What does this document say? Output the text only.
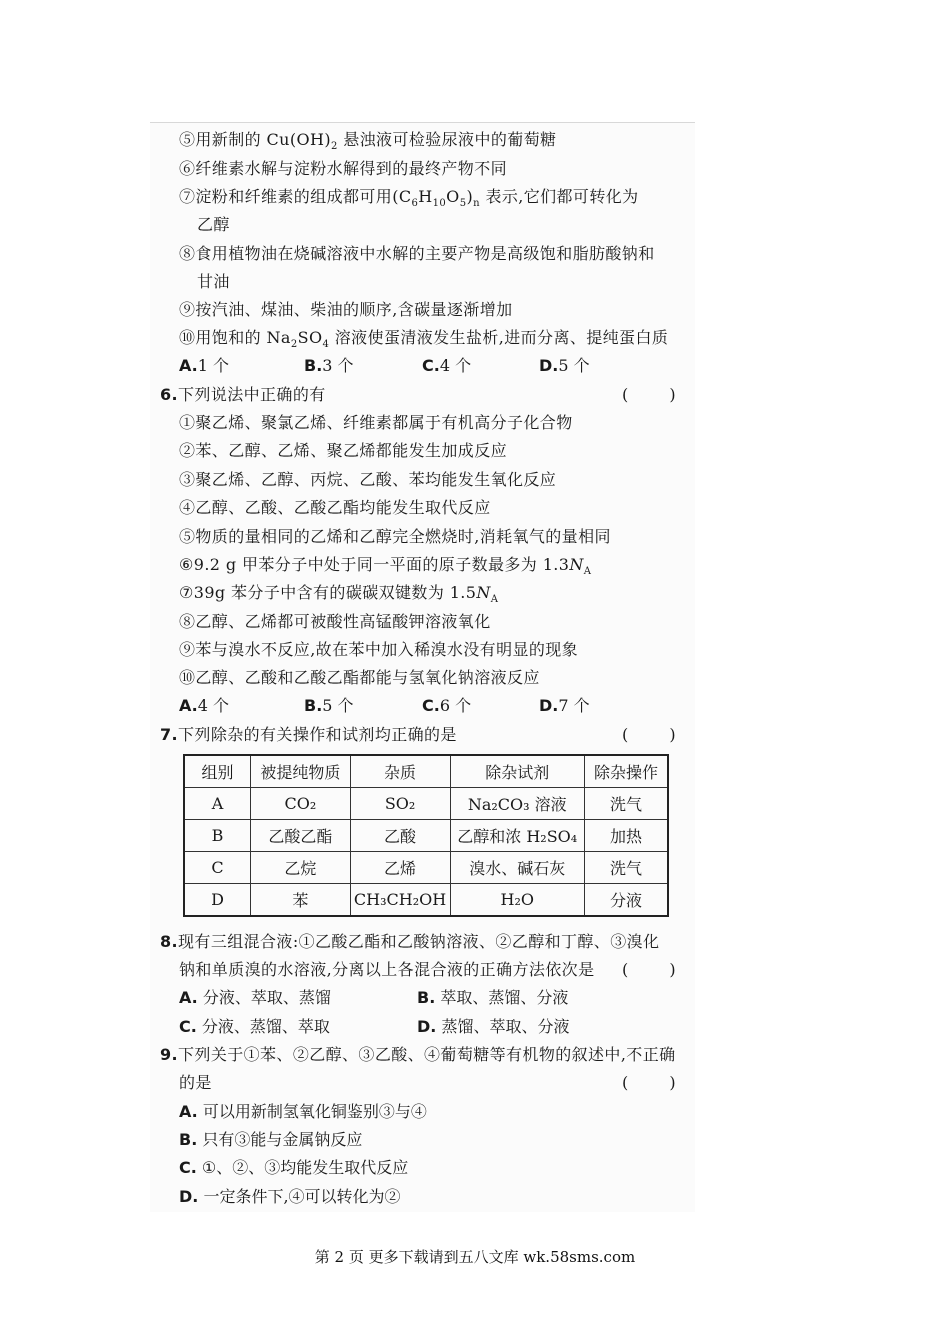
⑤用新制的 $Cu(OH)_2$ 悬浊液可检验尿液中的葡萄糖
⑥纤维素水解与淀粉水解得到的最终产物不同
⑦淀粉和纤维素的组成都可用$(C_6H_{10}O_5)_n$ 表示,它们都可转化为
乙醇
⑧食用植物油在烧碱溶液中水解的主要产物是高级饱和脂肪酸钠和
甘油
⑨按汽油、煤油、柴油的顺序,含碳量逐渐增加
⑩用饱和的 $Na_2SO_4$ 溶液使蛋清液发生盐析,进而分离、提纯蛋白质
A.1 个	B.3 个	C.4 个	D.5 个
6.下列说法中正确的有	( )
①聚乙烯、聚氯乙烯、纤维素都属于有机高分子化合物
②苯、乙醇、乙烯、聚乙烯都能发生加成反应
③聚乙烯、乙醇、丙烷、乙酸、苯均能发生氧化反应
④乙醇、乙酸、乙酸乙酯均能发生取代反应
⑤物质的量相同的乙烯和乙醇完全燃烧时,消耗氧气的量相同
⑥9.2 g 甲苯分子中处于同一平面的原子数最多为 $1.3N_A$
⑦39g 苯分子中含有的碳碳双键数为 $1.5N_A$
⑧乙醇、乙烯都可被酸性高锰酸钾溶液氧化
⑨苯与溴水不反应,故在苯中加入稀溴水没有明显的现象
⑩乙醇、乙酸和乙酸乙酯都能与氢氧化钠溶液反应
A.4 个	B.5 个	C.6 个	D.7 个
7.下列除杂的有关操作和试剂均正确的是	( )
组别	被提纯物质	杂质	除杂试剂	除杂操作
A	CO₂	SO₂	Na₂CO₃ 溶液	洗气
B	乙酸乙酯	乙酸	乙醇和浓 H₂SO₄	加热
C	乙烷	乙烯	溴水、碱石灰	洗气
D	苯	CH₃CH₂OH	H₂O	分液
8.现有三组混合液:①乙酸乙酯和乙酸钠溶液、②乙醇和丁醇、③溴化
钠和单质溴的水溶液,分离以上各混合液的正确方法依次是 ( )
A. 分液、萃取、蒸馏	B. 萃取、蒸馏、分液
C. 分液、蒸馏、萃取	D. 蒸馏、萃取、分液
9.下列关于①苯、②乙醇、③乙酸、④葡萄糖等有机物的叙述中,不正确
的是	( )
A. 可以用新制氢氧化铜鉴别③与④
B. 只有③能与金属钠反应
C. ①、②、③均能发生取代反应
D. 一定条件下,④可以转化为②
第 2 页 更多下载请到五八文库 wk.58sms.com
